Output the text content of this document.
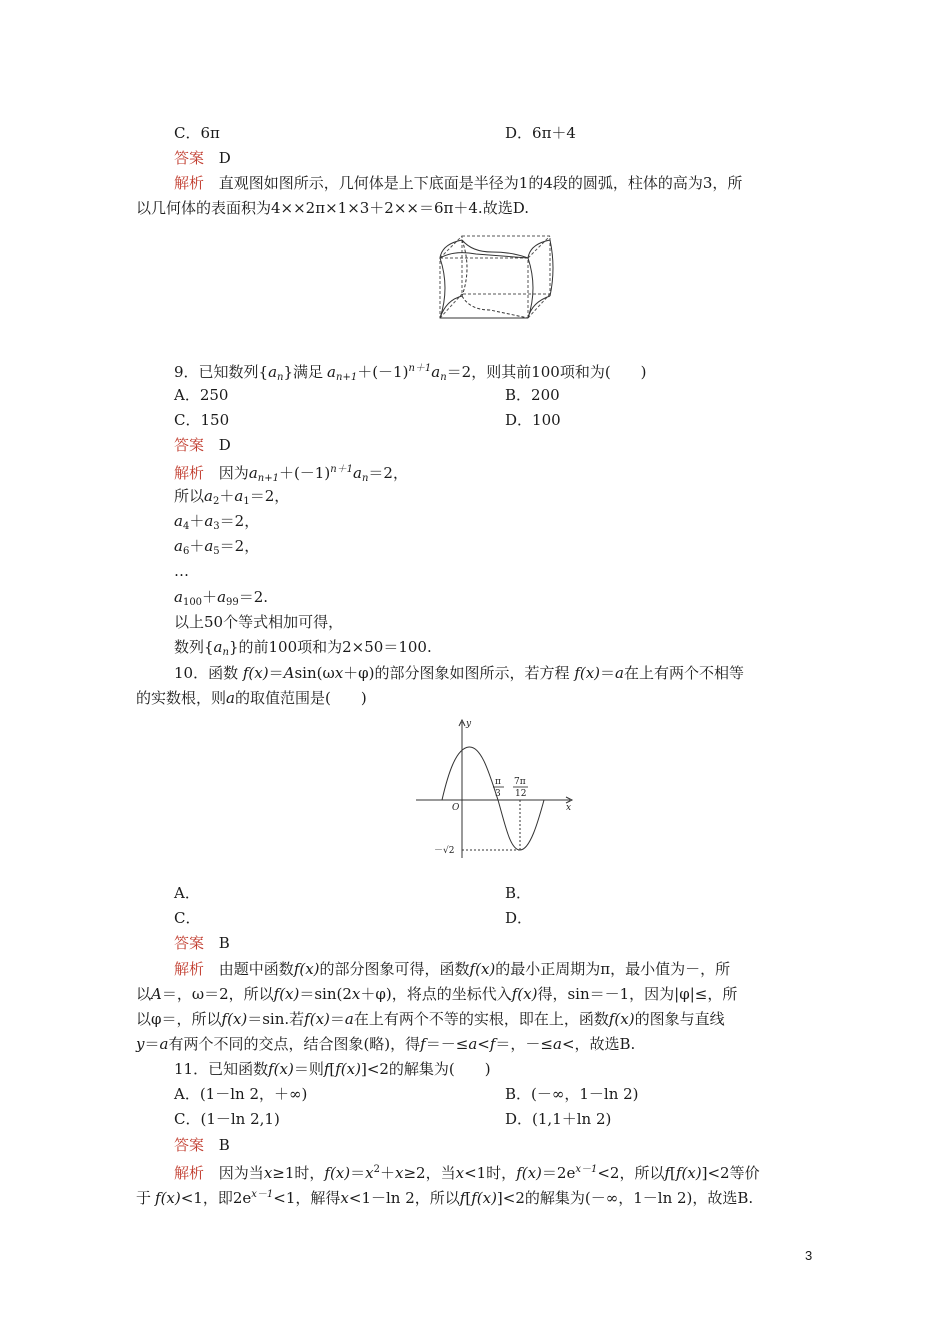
C．6π	D．6π＋4
答案 D
解析 直观图如图所示，几何体是上下底面是半径为1的4段的圆弧，柱体的高为3，所
以几何体的表面积为4××2π×1×3＋2××＝6π＋4.故选D.
9．已知数列$\{a_n\}$满足 $a_{n+1}+(-1)^{n+1}a_n=2$，则其前100项和为(　　)
A．250	B．200
C．150	D．100
答案 D
解析 因为$a_{n+1}+(-1)^{n+1}a_n=2$，
所以$a_2+a_1=2$，
$a_4+a_3=2$，
$a_6+a_5=2$，
…
$a_{100}+a_{99}=2$.
以上50个等式相加可得，
数列$\{a_n\}$的前100项和为2×50＝100.
10．函数 f(x)＝Asin(ωx＋φ)的部分图象如图所示，若方程 f(x)＝a在上有两个不相等
的实数根，则a的取值范围是(　　)
y
x
O
π
3
7π
12
－√2
A．	B．
C．	D．
答案 B
解析 由题中函数f(x)的部分图象可得，函数f(x)的最小正周期为π，最小值为－，所
以A＝，ω＝2，所以f(x)＝sin(2x＋φ)，将点的坐标代入f(x)得，sin＝－1，因为|φ|≤，所
以φ＝，所以f(x)＝sin.若f(x)＝a在上有两个不等的实根，即在上，函数f(x)的图象与直线
y＝a有两个不同的交点，结合图象(略)，得f＝－≤a<f＝，－≤a<，故选B.
11．已知函数f(x)＝则f[f(x)]<2的解集为(　　)
A．(1－ln 2，＋∞)	B．(－∞，1－ln 2)
C．(1－ln 2,1)	D．(1,1＋ln 2)
答案 B
解析 因为当x≥1时，$f(x)=x^2+x\ge 2$，当x<1时，$f(x)=2e^{x-1}<2$，所以f[f(x)]<2等价
于 f(x)<1，即$2e^{x-1}<1$，解得x<1－ln 2，所以f[f(x)]<2的解集为(－∞，1－ln 2)，故选B.
3
